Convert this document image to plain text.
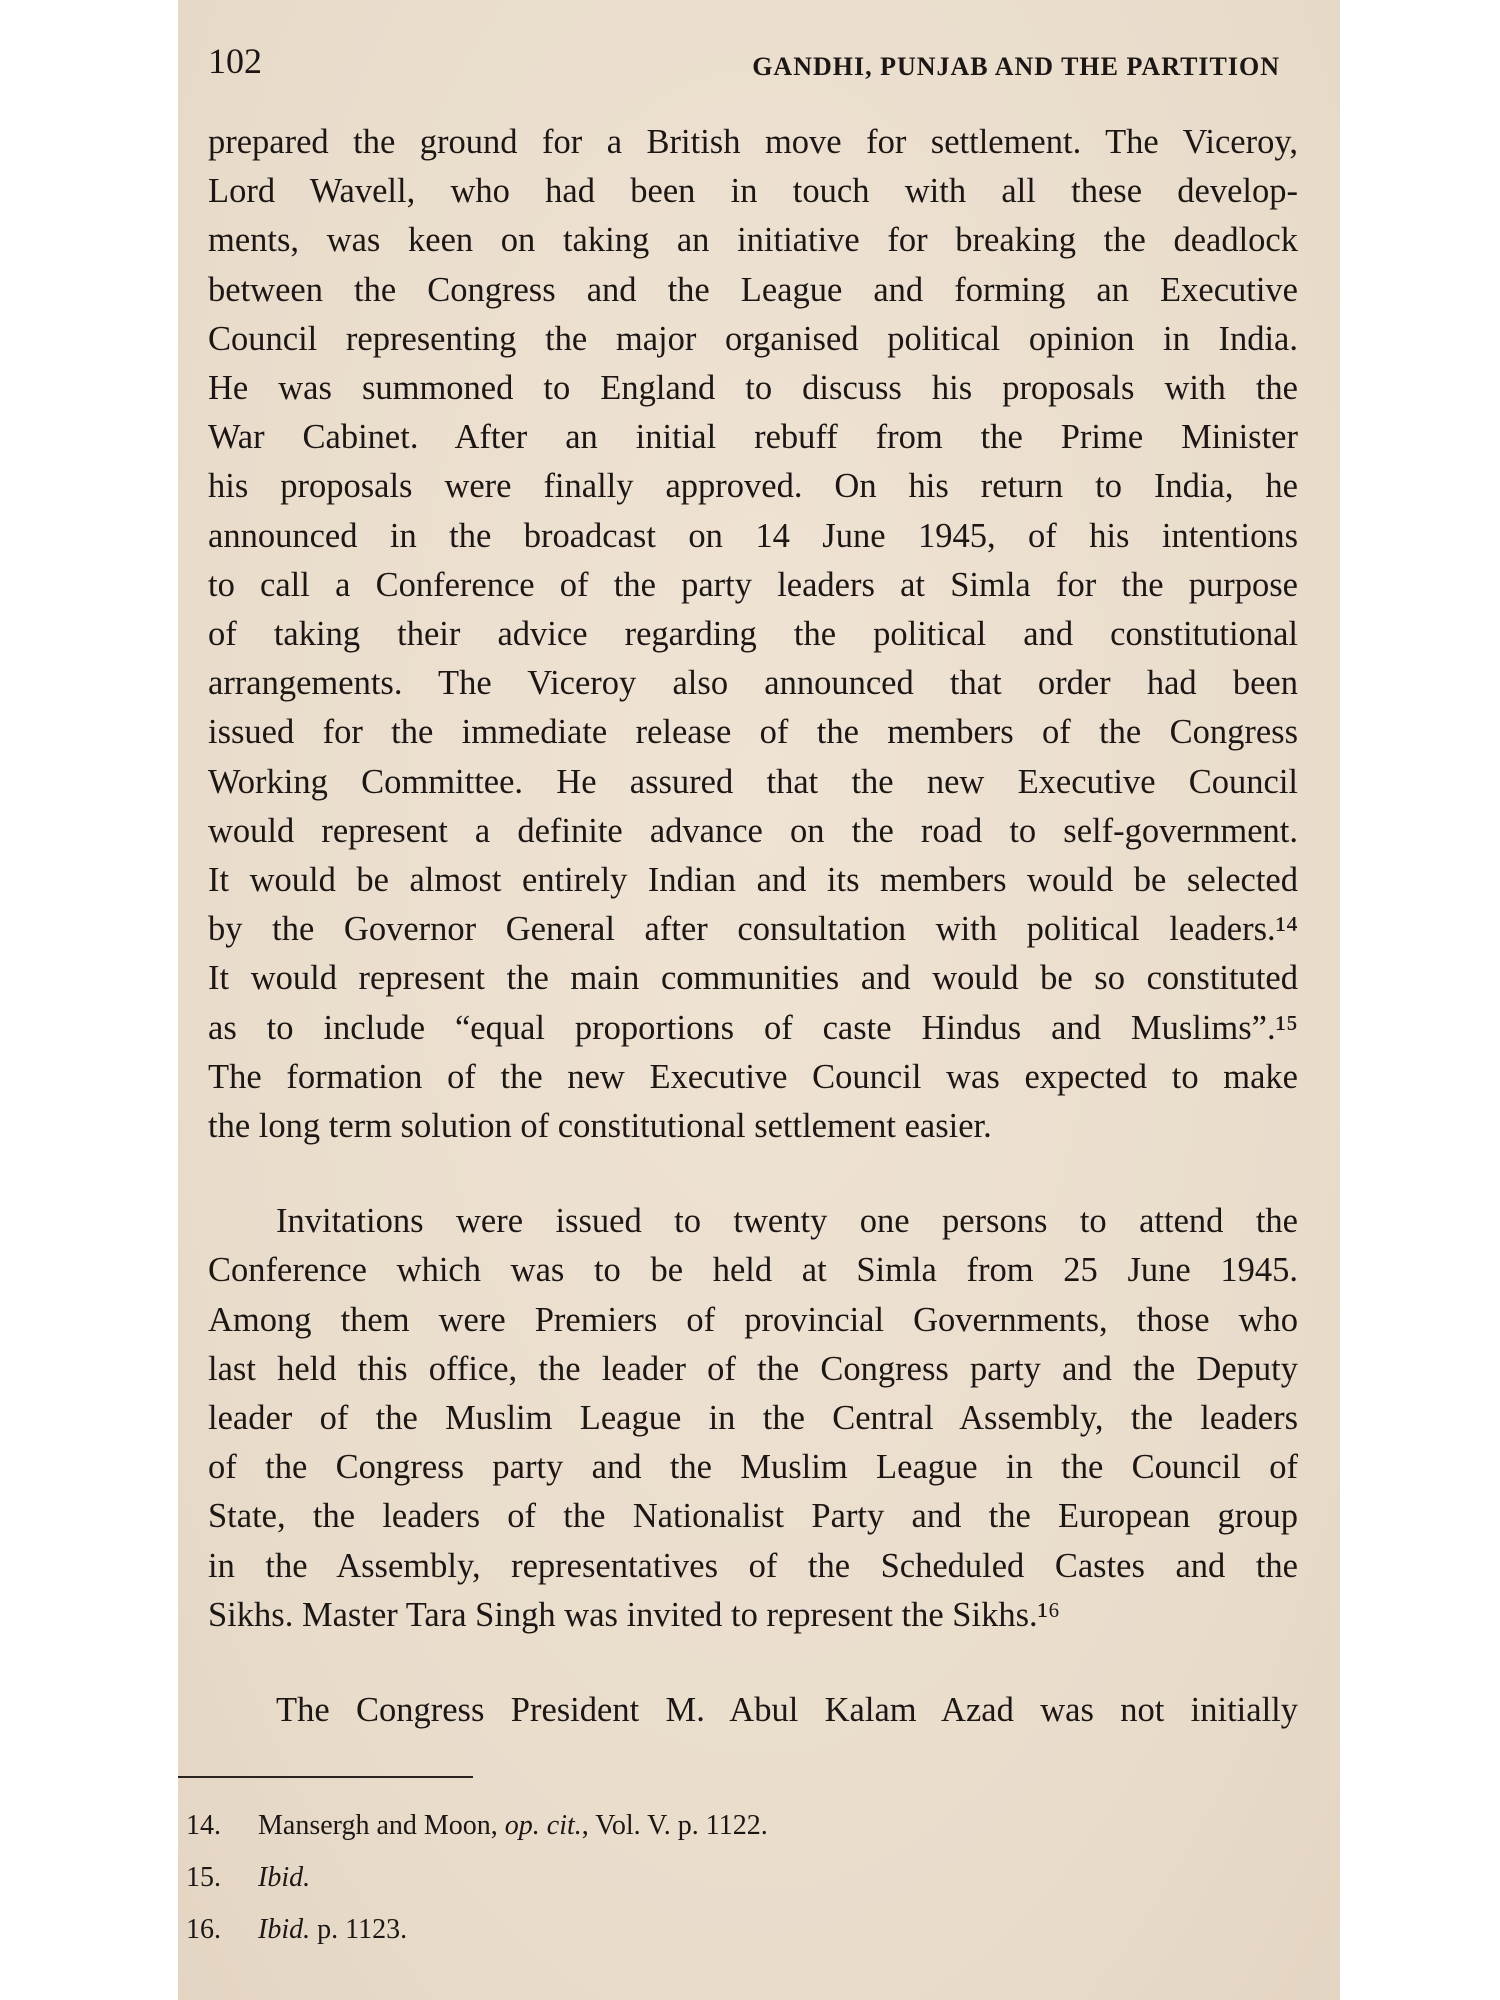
102	GANDHI, PUNJAB AND THE PARTITION

prepared the ground for a British move for settlement. The Viceroy,

Lord Wavell, who had been in touch with all these develop-

ments, was keen on taking an initiative for breaking the deadlock

between the Congress and the League and forming an Executive

Council representing the major organised political opinion in India.

He was summoned to England to discuss his proposals with the

War Cabinet. After an initial rebuff from the Prime Minister

his proposals were finally approved. On his return to India, he

announced in the broadcast on 14 June 1945, of his intentions

to call a Conference of the party leaders at Simla for the purpose

of taking their advice regarding the political and constitutional

arrangements. The Viceroy also announced that order had been

issued for the immediate release of the members of the Congress

Working Committee. He assured that the new Executive Council

would represent a definite advance on the road to self-government.

It would be almost entirely Indian and its members would be selected

by the Governor General after consultation with political leaders.¹⁴

It would represent the main communities and would be so constituted

as to include “equal proportions of caste Hindus and Muslims”.¹⁵

The formation of the new Executive Council was expected to make

the long term solution of constitutional settlement easier.

Invitations were issued to twenty one persons to attend the

Conference which was to be held at Simla from 25 June 1945.

Among them were Premiers of provincial Governments, those who

last held this office, the leader of the Congress party and the Deputy

leader of the Muslim League in the Central Assembly, the leaders

of the Congress party and the Muslim League in the Council of

State, the leaders of the Nationalist Party and the European group

in the Assembly, representatives of the Scheduled Castes and the

Sikhs. Master Tara Singh was invited to represent the Sikhs.¹⁶

The Congress President M. Abul Kalam Azad was not initially

14. Mansergh and Moon, op. cit., Vol. V. p. 1122.
15. Ibid.
16. Ibid. p. 1123.
